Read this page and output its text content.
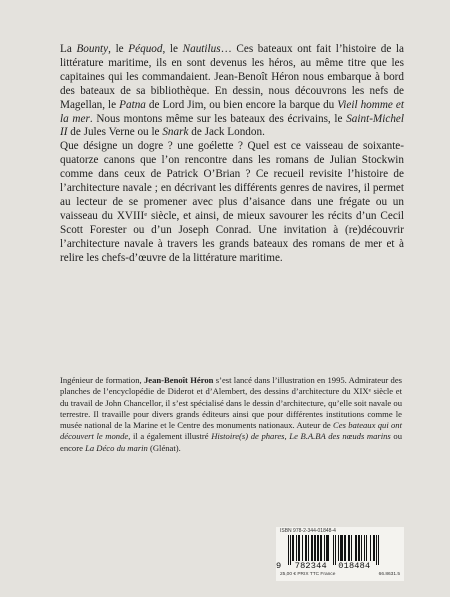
La Bounty, le Péquod, le Nautilus… Ces bateaux ont fait l’histoire de la littérature maritime, ils en sont devenus les héros, au même titre que les capitaines qui les commandaient. Jean-Benoît Héron nous embarque à bord des bateaux de sa bibliothèque. En dessin, nous découvrons les nefs de Magellan, le Patna de Lord Jim, ou bien encore la barque du Vieil homme et la mer. Nous montons même sur les bateaux des écrivains, le Saint-Michel II de Jules Verne ou le Snark de Jack London.

Que désigne un dogre ? une goélette ? Quel est ce vaisseau de soixante-quatorze canons que l’on rencontre dans les romans de Julian Stockwin comme dans ceux de Patrick O’Brian ? Ce recueil revisite l’histoire de l’architecture navale ; en décrivant les différents genres de navires, il permet au lecteur de se promener avec plus d’aisance dans une frégate ou un vaisseau du XVIIIe siècle, et ainsi, de mieux savourer les récits d’un Cecil Scott Forester ou d’un Joseph Conrad. Une invitation à (re)découvrir l’architecture navale à travers les grands bateaux des romans de mer et à relire les chefs-d’œuvre de la littérature maritime.

Ingénieur de formation, Jean-Benoît Héron s’est lancé dans l’illustration en 1995. Admirateur des planches de l’encyclopédie de Diderot et d’Alembert, des dessins d’architecture du XIXe siècle et du travail de John Chancellor, il s’est spécialisé dans le dessin d’architecture, qu’elle soit navale ou terrestre. Il travaille pour divers grands éditeurs ainsi que pour différentes institutions comme le musée national de la Marine et le Centre des monuments nationaux. Auteur de Ces bateaux qui ont découvert le monde, il a également illustré Histoire(s) de phares, Le B.A.BA des nœuds marins ou encore La Déco du marin (Glénat).

ISBN 978-2-344-01848-4
9 782344 018484
25,00 € PRIX TTC France	66.8631.5
